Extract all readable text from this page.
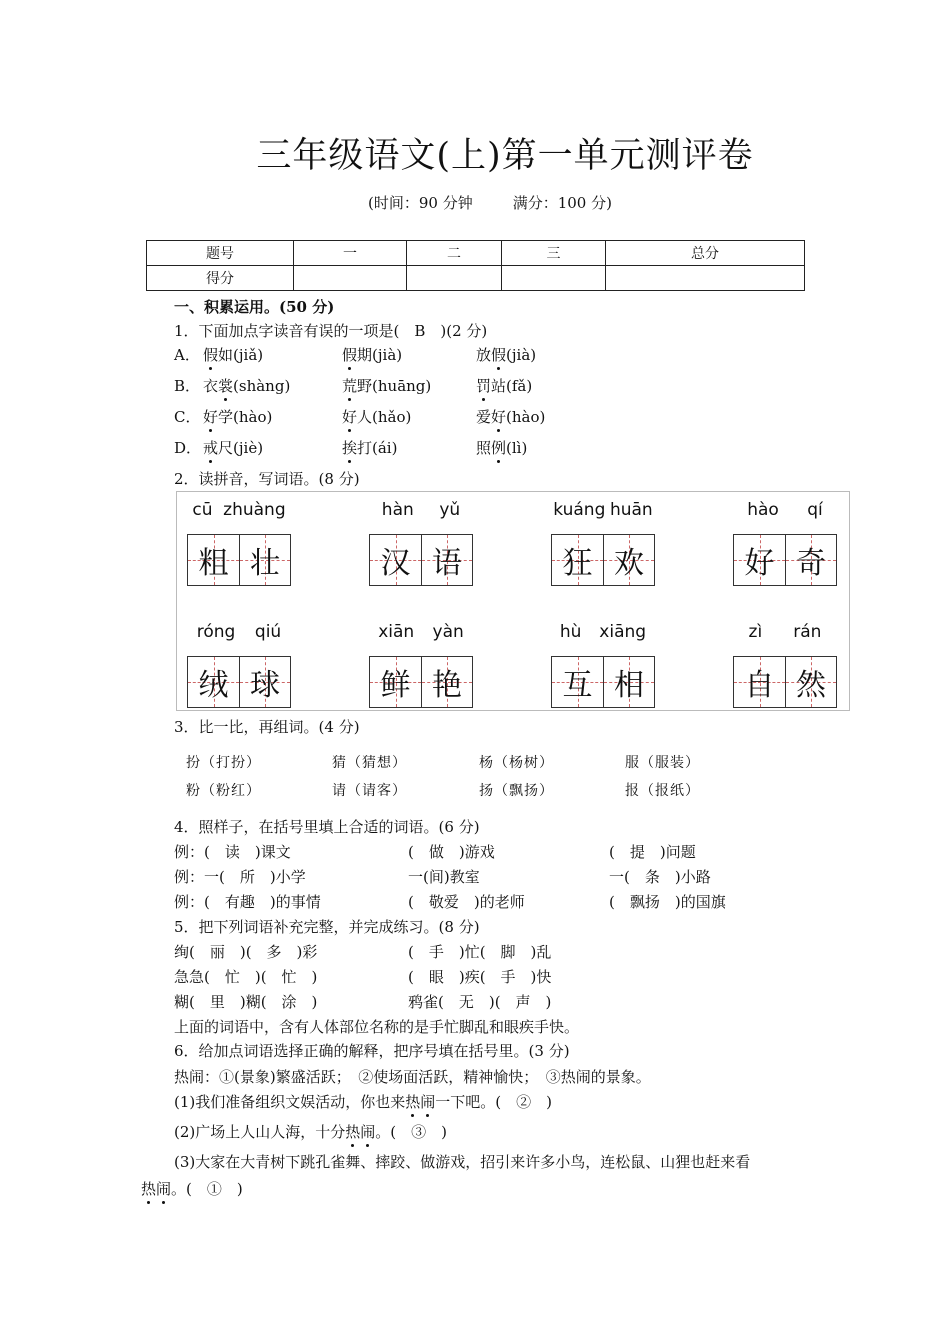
三年级语文(上)第一单元测评卷
(时间：90 分钟	满分：100 分)
题号	一	二	三	总分
得分				
一、积累运用。(50 分)
1．下面加点字读音有误的一项是(　B　)(2 分)
A． 假如(jiǎ)	假期(jià)	放假(jià)
B． 衣裳(shàng)	荒野(huāng)	罚站(fǎ)
C． 好学(hào)	好人(hǎo)	爱好(hào)
D． 戒尺(jiè)	挨打(ái)	照例(lì)
2．读拼音，写词语。(8 分)
cū zhuàng
粗 壮
hàn yǔ
汉 语
kuáng huān
狂 欢
hào qí
好 奇
róng qiú
绒 球
xiān yàn
鲜 艳
hù xiāng
互 相
zì rán
自 然
3．比一比，再组词。(4 分)
扮（打扮）	猜（猜想）	杨（杨树）	服（服装）
粉（粉红）	请（请客）	扬（飘扬）	报（报纸）
4．照样子，在括号里填上合适的词语。(6 分)
例：(　读　)课文	(　做　)游戏	(　提　)问题
例：一(　所　)小学	一(间)教室	一(　条　)小路
例：(　有趣　)的事情	(　敬爱　)的老师	(　飘扬　)的国旗
5．把下列词语补充完整，并完成练习。(8 分)
绚(　丽　)(　多　)彩	(　手　)忙(　脚　)乱
急急(　忙　)(　忙　)	(　眼　)疾(　手　)快
糊(　里　)糊(　涂　)	鸦雀(　无　)(　声　)
上面的词语中，含有人体部位名称的是手忙脚乱和眼疾手快。
6．给加点词语选择正确的解释，把序号填在括号里。(3 分)
热闹：①(景象)繁盛活跃；　②使场面活跃，精神愉快；　③热闹的景象。
(1)我们准备组织文娱活动，你也来热闹一下吧。(　②　)
(2)广场上人山人海，十分热闹。(　③　)
(3)大家在大青树下跳孔雀舞、摔跤、做游戏，招引来许多小鸟，连松鼠、山狸也赶来看
热闹。(　①　)
